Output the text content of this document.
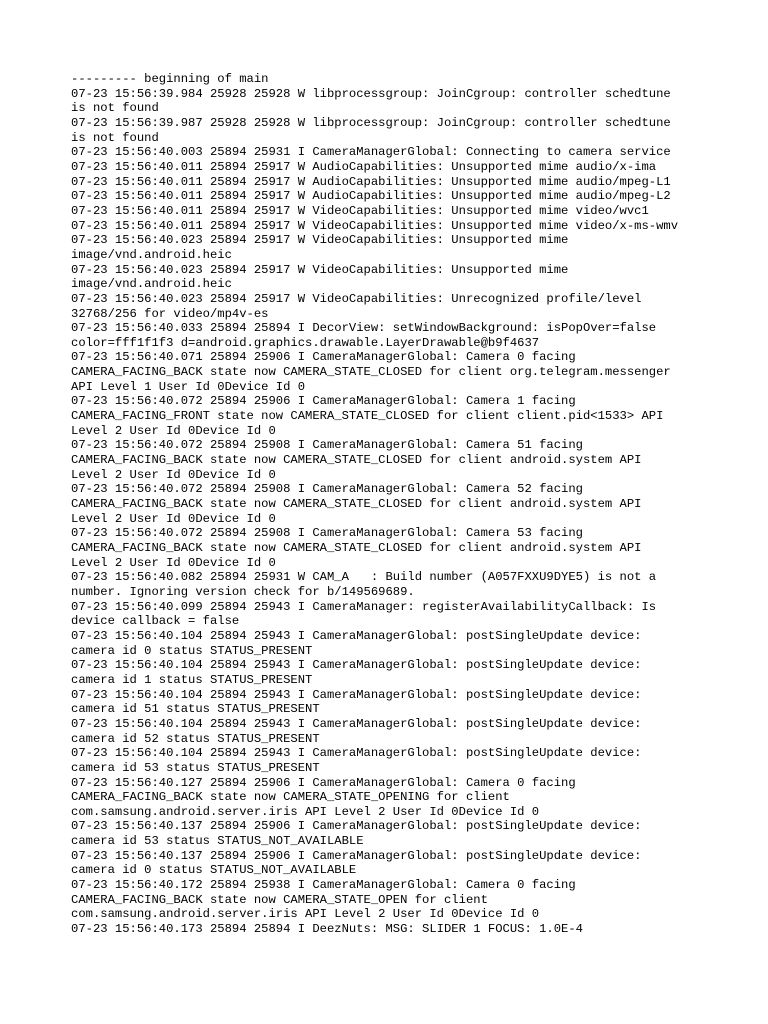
--------- beginning of main
07-23 15:56:39.984 25928 25928 W libprocessgroup: JoinCgroup: controller schedtune
is not found
07-23 15:56:39.987 25928 25928 W libprocessgroup: JoinCgroup: controller schedtune
is not found
07-23 15:56:40.003 25894 25931 I CameraManagerGlobal: Connecting to camera service
07-23 15:56:40.011 25894 25917 W AudioCapabilities: Unsupported mime audio/x-ima
07-23 15:56:40.011 25894 25917 W AudioCapabilities: Unsupported mime audio/mpeg-L1
07-23 15:56:40.011 25894 25917 W AudioCapabilities: Unsupported mime audio/mpeg-L2
07-23 15:56:40.011 25894 25917 W VideoCapabilities: Unsupported mime video/wvc1
07-23 15:56:40.011 25894 25917 W VideoCapabilities: Unsupported mime video/x-ms-wmv
07-23 15:56:40.023 25894 25917 W VideoCapabilities: Unsupported mime
image/vnd.android.heic
07-23 15:56:40.023 25894 25917 W VideoCapabilities: Unsupported mime
image/vnd.android.heic
07-23 15:56:40.023 25894 25917 W VideoCapabilities: Unrecognized profile/level
32768/256 for video/mp4v-es
07-23 15:56:40.033 25894 25894 I DecorView: setWindowBackground: isPopOver=false
color=fff1f1f3 d=android.graphics.drawable.LayerDrawable@b9f4637
07-23 15:56:40.071 25894 25906 I CameraManagerGlobal: Camera 0 facing
CAMERA_FACING_BACK state now CAMERA_STATE_CLOSED for client org.telegram.messenger
API Level 1 User Id 0Device Id 0
07-23 15:56:40.072 25894 25906 I CameraManagerGlobal: Camera 1 facing
CAMERA_FACING_FRONT state now CAMERA_STATE_CLOSED for client client.pid<1533> API
Level 2 User Id 0Device Id 0
07-23 15:56:40.072 25894 25908 I CameraManagerGlobal: Camera 51 facing
CAMERA_FACING_BACK state now CAMERA_STATE_CLOSED for client android.system API
Level 2 User Id 0Device Id 0
07-23 15:56:40.072 25894 25908 I CameraManagerGlobal: Camera 52 facing
CAMERA_FACING_BACK state now CAMERA_STATE_CLOSED for client android.system API
Level 2 User Id 0Device Id 0
07-23 15:56:40.072 25894 25908 I CameraManagerGlobal: Camera 53 facing
CAMERA_FACING_BACK state now CAMERA_STATE_CLOSED for client android.system API
Level 2 User Id 0Device Id 0
07-23 15:56:40.082 25894 25931 W CAM_A   : Build number (A057FXXU9DYE5) is not a
number. Ignoring version check for b/149569689.
07-23 15:56:40.099 25894 25943 I CameraManager: registerAvailabilityCallback: Is
device callback = false
07-23 15:56:40.104 25894 25943 I CameraManagerGlobal: postSingleUpdate device:
camera id 0 status STATUS_PRESENT
07-23 15:56:40.104 25894 25943 I CameraManagerGlobal: postSingleUpdate device:
camera id 1 status STATUS_PRESENT
07-23 15:56:40.104 25894 25943 I CameraManagerGlobal: postSingleUpdate device:
camera id 51 status STATUS_PRESENT
07-23 15:56:40.104 25894 25943 I CameraManagerGlobal: postSingleUpdate device:
camera id 52 status STATUS_PRESENT
07-23 15:56:40.104 25894 25943 I CameraManagerGlobal: postSingleUpdate device:
camera id 53 status STATUS_PRESENT
07-23 15:56:40.127 25894 25906 I CameraManagerGlobal: Camera 0 facing
CAMERA_FACING_BACK state now CAMERA_STATE_OPENING for client
com.samsung.android.server.iris API Level 2 User Id 0Device Id 0
07-23 15:56:40.137 25894 25906 I CameraManagerGlobal: postSingleUpdate device:
camera id 53 status STATUS_NOT_AVAILABLE
07-23 15:56:40.137 25894 25906 I CameraManagerGlobal: postSingleUpdate device:
camera id 0 status STATUS_NOT_AVAILABLE
07-23 15:56:40.172 25894 25938 I CameraManagerGlobal: Camera 0 facing
CAMERA_FACING_BACK state now CAMERA_STATE_OPEN for client
com.samsung.android.server.iris API Level 2 User Id 0Device Id 0
07-23 15:56:40.173 25894 25894 I DeezNuts: MSG: SLIDER 1 FOCUS: 1.0E-4
